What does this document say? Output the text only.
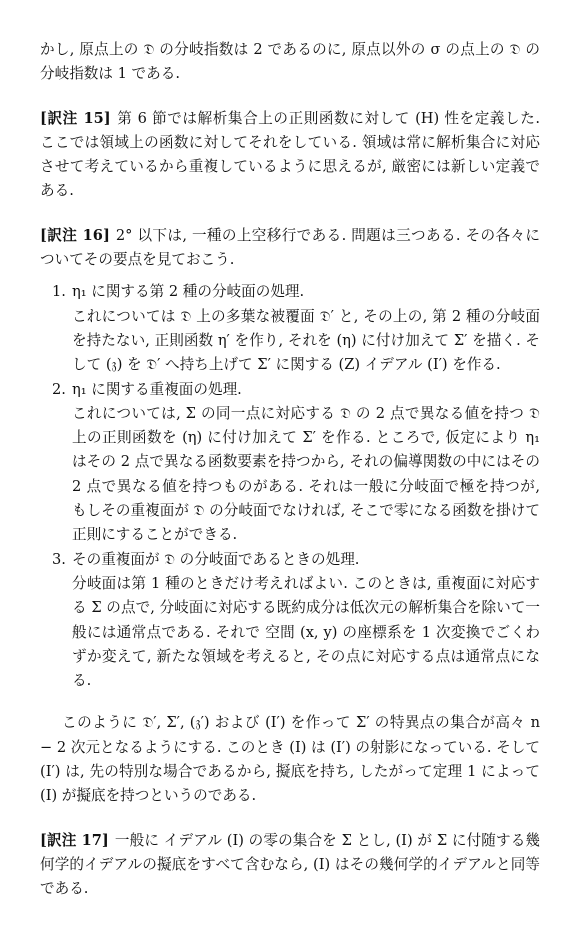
かし, 原点上の 𝔇 の分岐指数は 2 であるのに, 原点以外の σ の点上の 𝔇 の分岐指数は 1 である.

[訳注 15] 第 6 節では解析集合上の正則函数に対して (H) 性を定義した. ここでは領域上の函数に対してそれをしている. 領域は常に解析集合に対応させて考えているから重複しているように思えるが, 厳密には新しい定義である.

[訳注 16] 2° 以下は, 一種の上空移行である. 問題は三つある. その各々についてその要点を見ておこう.

1. η₁ に関する第 2 種の分岐面の処理.
これについては 𝔇 上の多葉な被覆面 𝔇′ と, その上の, 第 2 種の分岐面を持たない, 正則函数 η′ を作り, それを (η) に付け加えて Σ′ を描く. そして (𝔷) を 𝔇′ へ持ち上げて Σ′ に関する (Z) イデアル (I′) を作る.
2. η₁ に関する重複面の処理.
これについては, Σ の同一点に対応する 𝔇 の 2 点で異なる値を持つ 𝔇 上の正則函数を (η) に付け加えて Σ′ を作る. ところで, 仮定により η₁ はその 2 点で異なる函数要素を持つから, それの偏導関数の中にはその 2 点で異なる値を持つものがある. それは一般に分岐面で極を持つが, もしその重複面が 𝔇 の分岐面でなければ, そこで零になる函数を掛けて正則にすることができる.
3. その重複面が 𝔇 の分岐面であるときの処理.
分岐面は第 1 種のときだけ考えればよい. このときは, 重複面に対応する Σ の点で, 分岐面に対応する既約成分は低次元の解析集合を除いて一般には通常点である. それで 空間 (x, y) の座標系を 1 次変換でごくわずか変えて, 新たな領域を考えると, その点に対応する点は通常点になる.

このように 𝔇′, Σ′, (𝔷′) および (I′) を作って Σ′ の特異点の集合が高々 n − 2 次元となるようにする. このとき (I) は (I′) の射影になっている. そして (I′) は, 先の特別な場合であるから, 擬底を持ち, したがって定理 1 によって (I) が擬底を持つというのである.

[訳注 17] 一般に イデアル (I) の零の集合を Σ とし, (I) が Σ に付随する幾何学的イデアルの擬底をすべて含むなら, (I) はその幾何学的イデアルと同等である.
